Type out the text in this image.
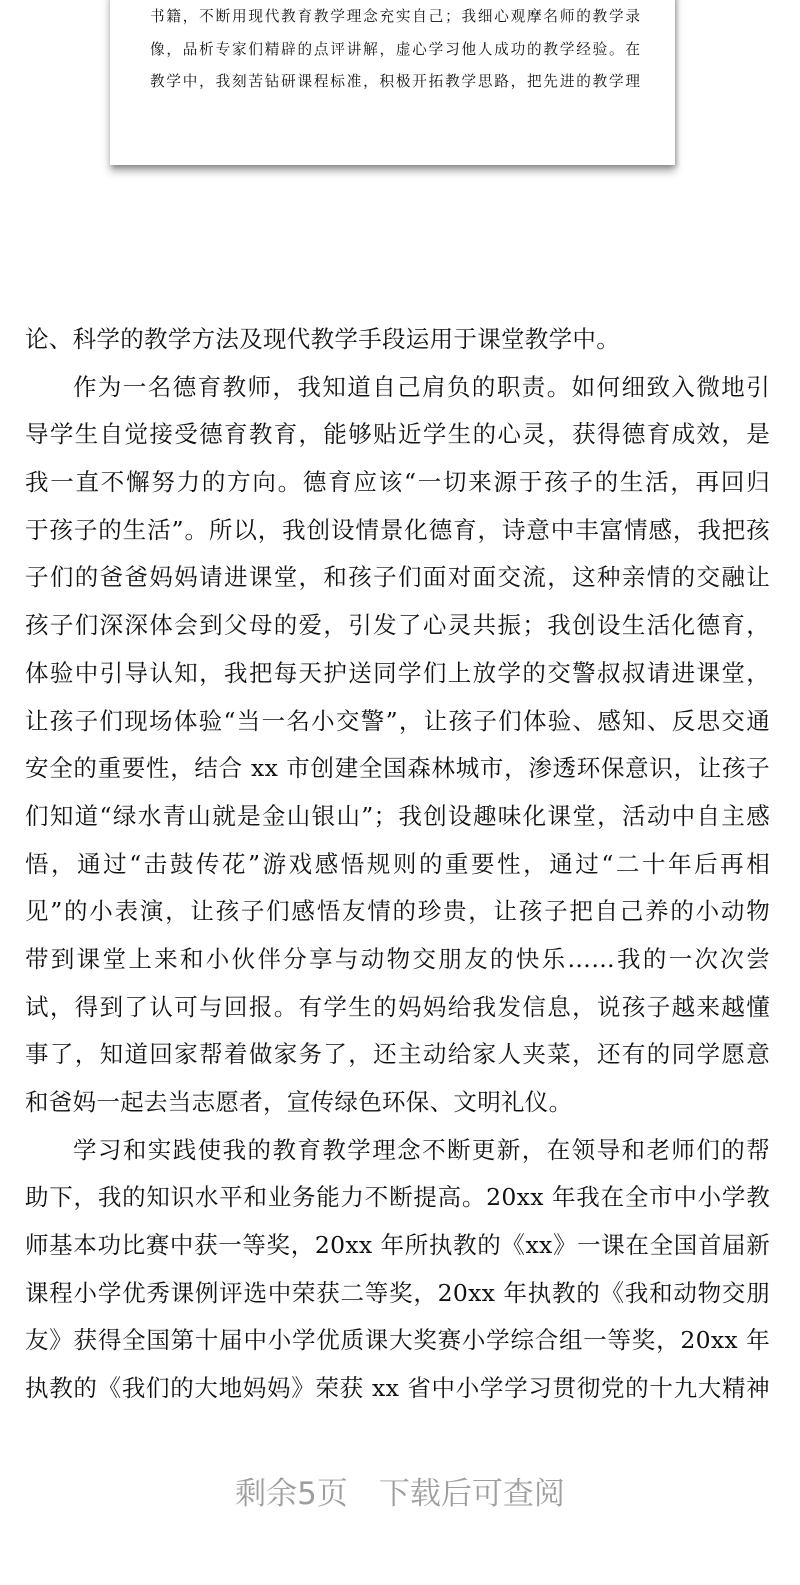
书籍，不断用现代教育教学理念充实自己；我细心观摩名师的教学录
像，品析专家们精辟的点评讲解，虚心学习他人成功的教学经验。在
教学中，我刻苦钻研课程标准，积极开拓教学思路，把先进的教学理
论、科学的教学方法及现代教学手段运用于课堂教学中。
作为一名德育教师，我知道自己肩负的职责。如何细致入微地引
导学生自觉接受德育教育，能够贴近学生的心灵，获得德育成效，是
我一直不懈努力的方向。德育应该“一切来源于孩子的生活，再回归
于孩子的生活”。所以，我创设情景化德育，诗意中丰富情感，我把孩
子们的爸爸妈妈请进课堂，和孩子们面对面交流，这种亲情的交融让
孩子们深深体会到父母的爱，引发了心灵共振；我创设生活化德育，
体验中引导认知，我把每天护送同学们上放学的交警叔叔请进课堂，
让孩子们现场体验“当一名小交警”，让孩子们体验、感知、反思交通
安全的重要性，结合 xx 市创建全国森林城市，渗透环保意识，让孩子
们知道“绿水青山就是金山银山”；我创设趣味化课堂，活动中自主感
悟，通过“击鼓传花”游戏感悟规则的重要性，通过“二十年后再相
见”的小表演，让孩子们感悟友情的珍贵，让孩子把自己养的小动物
带到课堂上来和小伙伴分享与动物交朋友的快乐……我的一次次尝
试，得到了认可与回报。有学生的妈妈给我发信息，说孩子越来越懂
事了，知道回家帮着做家务了，还主动给家人夹菜，还有的同学愿意
和爸妈一起去当志愿者，宣传绿色环保、文明礼仪。
学习和实践使我的教育教学理念不断更新，在领导和老师们的帮
助下，我的知识水平和业务能力不断提高。20xx 年我在全市中小学教
师基本功比赛中获一等奖，20xx 年所执教的《xx》一课在全国首届新
课程小学优秀课例评选中荣获二等奖，20xx 年执教的《我和动物交朋
友》获得全国第十届中小学优质课大奖赛小学综合组一等奖，20xx 年
执教的《我们的大地妈妈》荣获 xx 省中小学学习贯彻党的十九大精神
剩余5页　下载后可查阅
